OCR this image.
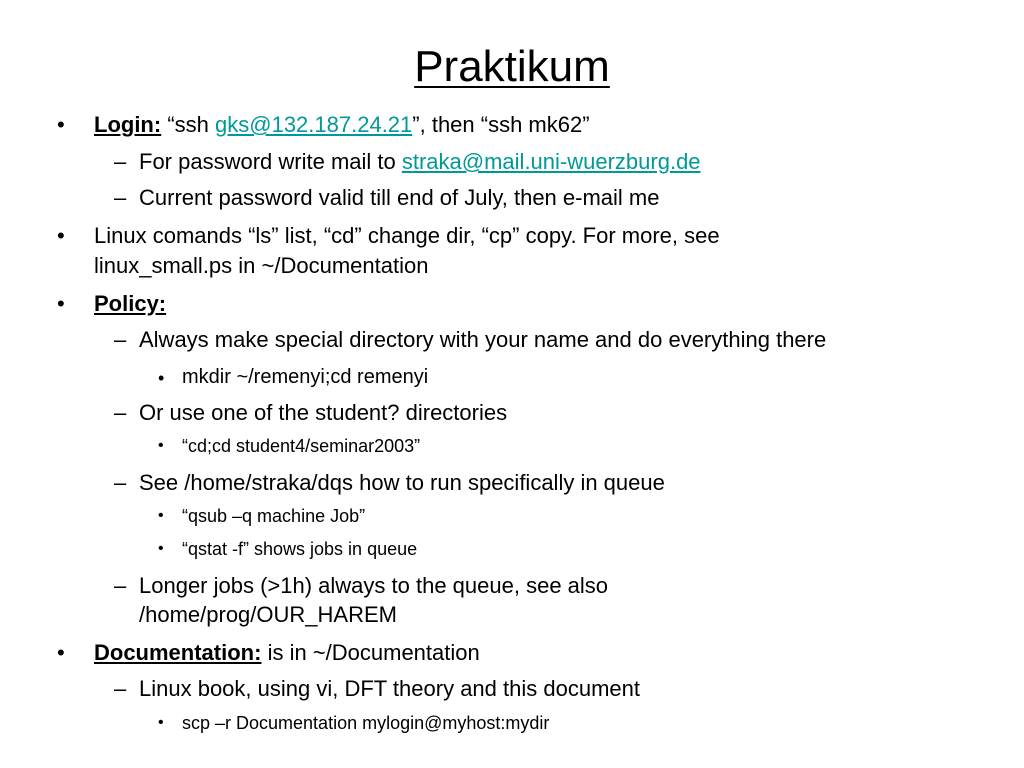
Praktikum
• Login: “ssh gks@132.187.24.21”, then “ssh mk62”
– For password write mail to straka@mail.uni-wuerzburg.de
– Current password valid till end of July, then e-mail me
• Linux comands “ls” list, “cd” change dir, “cp” copy. For more, see
linux_small.ps in ~/Documentation
• Policy:
– Always make special directory with your name and do everything there
• mkdir ~/remenyi;cd remenyi
– Or use one of the student? directories
• “cd;cd student4/seminar2003”
– See /home/straka/dqs how to run specifically in queue
• “qsub –q machine Job”
• “qstat -f” shows jobs in queue
– Longer jobs (>1h) always to the queue, see also
/home/prog/OUR_HAREM
• Documentation: is in ~/Documentation
– Linux book, using vi, DFT theory and this document
• scp –r Documentation mylogin@myhost:mydir
